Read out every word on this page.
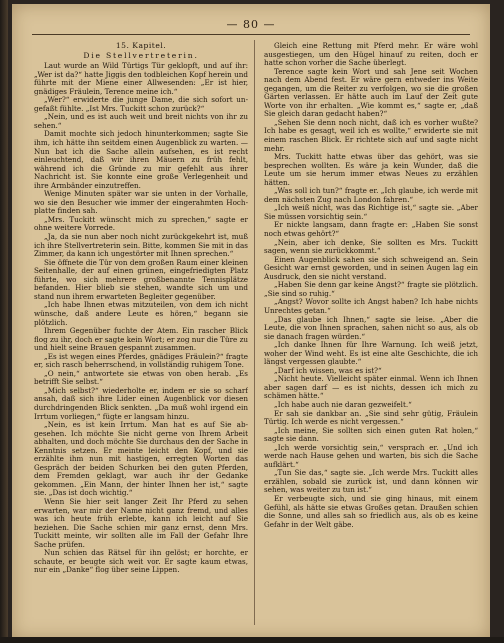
— 80 —

15. Kapitel.

Die Stellvertreterin.

Laut wurde an Wild Türtigs Tür geklopft, und auf ihr: „Wer ist da?“ hatte Jiggis den todbleichen Kopf herein und führte mit der Miene einer Allwesenden: „Er ist hier, gnädiges Fräulein, Terence meine ich.“

„Wer?“ erwiderte die junge Dame, die sich sofort ungefaßt fühlte. „Ist Mrs. Tuckitt schon zurück?“

„Nein, und es ist auch weit und breit nichts von ihr zu sehen.“

Damit mochte sich jedoch hinunterkommen; sagte Sie ihm, ich hätte ihn seitdem einen Augenblick zu warten. — Nun bat ich die Sache allein aufsehen, es ist recht einleuchtend, daß wir ihren Mäuern zu früh fehlt, während ich die Gründe zu mir gefehlt aus ihrer Nachricht ist. Sie konnte eine große Verlegenheit und ihre Armbänder einzutreffen.

Wenige Minuten später war sie unten in der Vorhalle, wo sie den Besucher wie immer der eingerahmten Hochplatte finden sah.

„Mrs. Tuckitt wünscht mich zu sprechen,“ sagte er ohne weitere Vorrede.

„Ja, da sie nun aber noch nicht zurückgekehrt ist, muß ich ihre Stellvertreterin sein. Bitte, kommen Sie mit in das Zimmer, da kann ich ungestörter mit Ihnen sprechen.“

Sie öffnete die Tür von dem großen Raum einer kleinen Seitenhalle, der auf einen grünen, eingefriedigten Platz führte, wo sich mehrere großbenannte Tennisplätze befanden. Hier blieb sie stehen, wandte sich um und stand nun ihrem erwarteten Begleiter gegenüber.

„Ich habe Ihnen etwas mitzuteilen, von dem ich nicht wünsche, daß andere Leute es hören,“ begann sie plötzlich.

Ihrem Gegenüber fuchte der Atem. Ein rascher Blick flog zu ihr, doch er sagte kein Wort; er zog nur die Türe zu und hielt seine Brauen gespannt zusammen.

„Es ist wegen eines Pferdes, gnädiges Fräulein?“ fragte er, sich rasch beherrschend, in vollständig ruhigem Tone.

„O nein,“ antwortete sie etwas von oben herab. „Es betrifft Sie selbst.“

„Mich selbst?“ wiederholte er, indem er sie so scharf ansah, daß sich ihre Lider einen Augenblick vor diesen durchdringenden Blick senkten. „Da muß wohl irgend ein Irrtum vorliegen,“ fügte er langsam hinzu.

„Nein, es ist kein Irrtum. Man hat es auf Sie abgesehen. Ich möchte Sie nicht gerne von Ihrem Arbeit abhalten, und doch möchte Sie durchaus den der Sache in Kenntnis setzen. Er meinte leicht den Kopf, und sie erzählte ihm nun mit hastigen, erregten Worten das Gespräch der beiden Schurken bei den guten Pferden, dem Fremden geklagt, war auch ihr der Gedanke gekommen. „Ein Mann, der hinter Ihnen her ist,“ sagte sie. „Das ist doch wichtig.“

Wenn Sie hier seit langer Zeit Ihr Pferd zu sehen erwarten, war mir der Name nicht ganz fremd, und alles was ich heute früh erlebte, kann ich leicht auf Sie beziehen. Die Sache schien mir ganz ernst, denn Mrs. Tuckitt meinte, wir sollten alle im Fall der Gefahr Ihre Sache prüfen.

Nun schien das Rätsel für ihn gelöst; er horchte, er schaute, er beugte sich weit vor. Er sagte kaum etwas, nur ein „Danke“ flog über seine Lippen.

Gleich eine Rettung mit Pferd mehr. Er wäre wohl ausgestiegen, um den Hügel hinauf zu reiten, doch er hatte schon vorher die Sache überlegt.

Terence sagte kein Wort und sah Jene seit Wochen nach dem Abend fest. Er wäre gern entweder ins Weite gegangen, um die Reiter zu verfolgen, wo sie die großen Gärten verlassen. Er hätte auch im Lauf der Zeit gute Worte von ihr erhalten. „Wie kommt es,“ sagte er, „daß Sie gleich daran gedacht haben?“

„Sehen Sie denn noch nicht, daß ich es vorher wußte? Ich habe es gesagt, weil ich es wollte,“ erwiderte sie mit einem raschen Blick. Er richtete sich auf und sagte nicht mehr.

Mrs. Tuckitt hatte etwas über das gehört, was sie besprechen wollten. Es wäre ja kein Wunder, daß die Leute um sie herum immer etwas Neues zu erzählen hätten.

„Was soll ich tun?“ fragte er. „Ich glaube, ich werde mit dem nächsten Zug nach London fahren.“

„Ich weiß nicht, was das Richtige ist,“ sagte sie. „Aber Sie müssen vorsichtig sein.“

Er nickte langsam, dann fragte er: „Haben Sie sonst noch etwas gehört?“

„Nein, aber ich denke, Sie sollten es Mrs. Tuckitt sagen, wenn sie zurückkommt.“

Einen Augenblick sahen sie sich schweigend an. Sein Gesicht war ernst geworden, und in seinen Augen lag ein Ausdruck, den sie nicht verstand.

„Haben Sie denn gar keine Angst?“ fragte sie plötzlich. „Sie sind so ruhig.“

„Angst? Wovor sollte ich Angst haben? Ich habe nichts Unrechtes getan.“

„Das glaube ich Ihnen,“ sagte sie leise. „Aber die Leute, die von Ihnen sprachen, sahen nicht so aus, als ob sie danach fragen würden.“

„Ich danke Ihnen für Ihre Warnung. Ich weiß jetzt, woher der Wind weht. Es ist eine alte Geschichte, die ich längst vergessen glaubte.“

„Darf ich wissen, was es ist?“

„Nicht heute. Vielleicht später einmal. Wenn ich Ihnen aber sagen darf — es ist nichts, dessen ich mich zu schämen hätte.“

„Ich habe auch nie daran gezweifelt.“

Er sah sie dankbar an. „Sie sind sehr gütig, Fräulein Türtig. Ich werde es nicht vergessen.“

„Ich meine, Sie sollten sich einen guten Rat holen,“ sagte sie dann.

„Ich werde vorsichtig sein,“ versprach er. „Und ich werde nach Hause gehen und warten, bis sich die Sache aufklärt.“

„Tun Sie das,“ sagte sie. „Ich werde Mrs. Tuckitt alles erzählen, sobald sie zurück ist, und dann können wir sehen, was weiter zu tun ist.“

Er verbeugte sich, und sie ging hinaus, mit einem Gefühl, als hätte sie etwas Großes getan. Draußen schien die Sonne, und alles sah so friedlich aus, als ob es keine Gefahr in der Welt gäbe.
